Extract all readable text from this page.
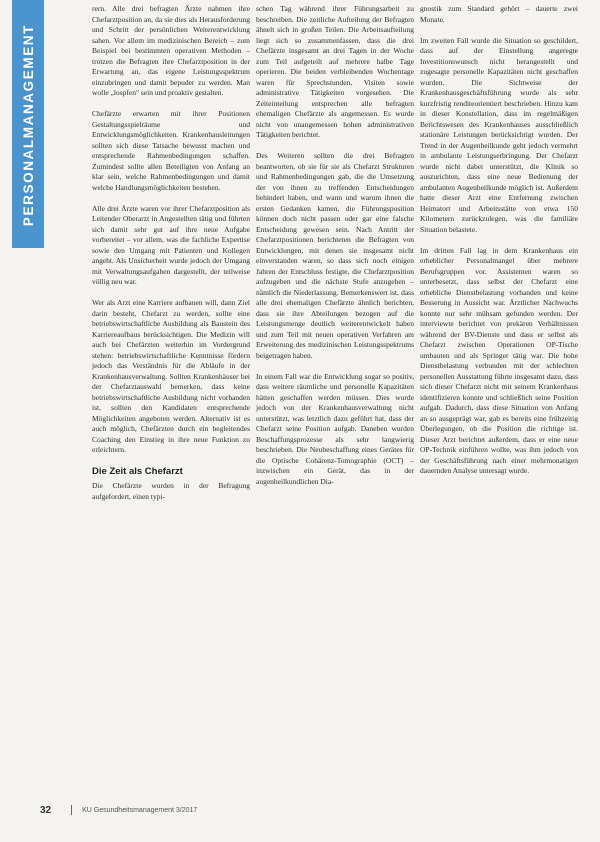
PERSONALMANAGEMENT

rern. Alle drei befragten Ärzte nahmen ihre Chefarztposition an, da sie dies als Herausforderung und Schritt der persönlichen Weiterentwicklung sahen. Vor allem im medizinischen Bereich – zum Beispiel bei bestimmten operativen Methoden – trotzen die Befragten ihre Chefarztposition in der Erwartung an, das eigene Leistungsspektrum einzubringen und damit bepuder zu werden. Man wolle „lospfen" sein und proaktiv gestalten.

Chefärzte erwarten mit ihrer Positionen Gestaltungsspielräume und Entwicklungsmöglichkeiten. Krankenhausleitungen sollten sich diese Tatsache bewusst machen und entsprechende Rahmenbedingungen schaffen. Zumindest sollte allen Beteiligten von Anfang an klar sein, welche Rahmenbedingungen und damit welche Handlungsmöglichkeiten bestehen.

Alle drei Ärzte waren vor ihrer Chefarztposition als Leitender Oberarzt in Angestellten tätig und führten sich damit sehr gut auf ihre neue Aufgabe vorbereitet – vor allem, was die fachliche Expertise sowie den Umgang mit Patienten und Kollegen angeht. Als Unsicherheit wurde jedoch der Umgang mit Verwaltungsaufgaben dargestellt, der teilweise völlig neu war.

Wer als Arzt eine Karriere aufbauen will, dann Ziel darin besteht, Chefarzt zu werden, sollte eine betriebswirtschaftliche Ausbildung als Baustein des Karriereaufbaus berücksichtigen. Die Medizin will auch bei Chefärzten weiterhin im Vordergrund stehen: betriebswirtschaftliche Kenntnisse fördern jedoch das Verständnis für die Abläufe in der Krankenhausverwaltung. Sollten Krankenhäuser bei der Chefarztauswahl bemerken, dass keine betriebswirtschaftliche Ausbildung nicht vorhanden ist, sollten den Kandidaten entsprechende Möglichkeiten angeboten werden. Alternativ ist es auch möglich, Chefärzten durch ein begleitendes Coaching den Einstieg in ihre neue Funktion zu erleichtern.

Die Zeit als Chefarzt

Die Chefärzte wurden in der Befragung aufgefordert, einen typi-

schen Tag während ihrer Führungsarbeit zu beschreiben. Die zeitliche Aufteilung der Befragten ähnelt sich in großen Teilen. Die Arbeitsaufteilung liegt sich so zusammenfassen, dass die drei Chefärzte insgesamt an drei Tagen in der Woche zum Teil aufgeteilt auf mehrere halbe Tage operieren. Die beiden verbleibenden Wochentage waren für Sprechstunden, Visiten sowie administrative Tätigkeiten vorgesehen. Die Zeiteinteilung entsprechen alle befragten ehemaligen Chefärzte als angemessen. Es wurde nicht von unangemessen hohen administrativen Tätigkeiten berichtet.

Des Weiteren sollten die drei Befragten beantworten, ob sie für sie als Chefarzt Strukturen und Rahmenbedingungen gab, die die Umsetzung der von ihnen zu treffenden Entscheidungen behindert haben, und wann und warum ihnen die ersten Gedanken kamen, die Führungsposition können doch nicht passen oder gar eine falsche Entscheidung gewesen sein. Nach Antritt der Chefarztpositionen berichteten die Befragten von Entwicklungen, mit denen sie insgesamt nicht einverstanden waren, so dass sich noch einigen Jahren der Entschluss festigte, die Chefarztposition aufzugeben und die nächste Stufe anzugehen – nämlich die Niederlassung. Bemerkenswert ist, dass alle drei ehemaligen Chefärzte ähnlich berichten, dass sie ihre Abteilungen bezogen auf die Leistungsmenge deutlich weiterentwickelt haben und zum Teil mit neuen operativen Verfahren am Erweiterung des medizinischen Leistungsspektrums beigetragen haben.

In einem Fall war die Entwicklung sogar so positiv, dass weitere räumliche und personelle Kapazitäten hätten geschaffen werden müssen. Dies wurde jedoch von der Krankenhausverwaltung nicht unterstützt, was letztlich dazu geführt hat, dass der Chefarzt seine Position aufgab. Daneben wurden Beschaffungsprozesse als sehr langwierig beschrieben. Die Neubeschaffung eines Gerätes für die Optische Cohärenz-Tomographie (OCT) – inzwischen ein Gerät, das in der augenheilkundlichen Dia-

gnostik zum Standard gehört – dauerte zwei Monate.

Im zweiten Fall wurde die Situation so geschildert, dass auf der Einstellung angeregte Investitionswunsch nicht herangestellt und zugesagte personelle Kapazitäten nicht geschaffen wurden. Die Sichtweise der Krankenhausgeschäftsführung wurde als sehr kurzfristig renditeorientiert beschrieben. Hinzu kam in dieser Konstellation, dass im regelmäßigen Berichtswesen des Krankenhauses ausschließlich stationäre Leistungen berücksichtigt wurden. Der Trend in der Augenheilkunde geht jedoch vermehrt in ambulante Leistungserbringung. Der Chefarzt wurde nicht dabei unterstützt, die Klinik so auszurichten, dass eine neue Bedienung der ambulanten Augenheilkunde möglich ist. Außerdem hatte dieser Arzt eine Entfernung zwischen Heimatort und Arbeitsstätte von etwa 150 Kilometern zurückzulegen, was die familiäre Situation belastete.

Im dritten Fall lag in dem Krankenhaus ein erheblicher Personalmangel über mehrere Berufsgruppen vor. Assistenten waren so unterbesetzt, dass selbst der Chefarzt eine erhebliche Dienstbelastung vorhanden und keine Besserung in Aussicht war. Ärztlicher Nachwuchs konnte nur sehr mühsam gefunden werden. Der interviewte berichtet von prekären Verhältnissen während der BV-Dienste und dass er selbst als Chefarzt zwischen Operationen OP-Tische umbauten und als Springer tätig war. Die hohe Dienstbelastung verbunden mit der schlechten personellen Ausstattung führte insgesamt dazu, dass sich dieser Chefarzt nicht mit seinem Krankenhaus identifizieren konnte und schließlich seine Position aufgab. Dadurch, dass diese Situation von Anfang an so ausgeprägt war, gab es bereits eine frühzeitig Überlegungen, ob die Position die richtige ist. Dieser Arzt berichtet außerdem, dass er eine neue OP-Technik einführen wollte, was ihm jedoch von der Geschäftsführung nach einer mehrmonatigen dauernden Analyse untersagt wurde.

32	KU Gesundheitsmanagement 3/2017
